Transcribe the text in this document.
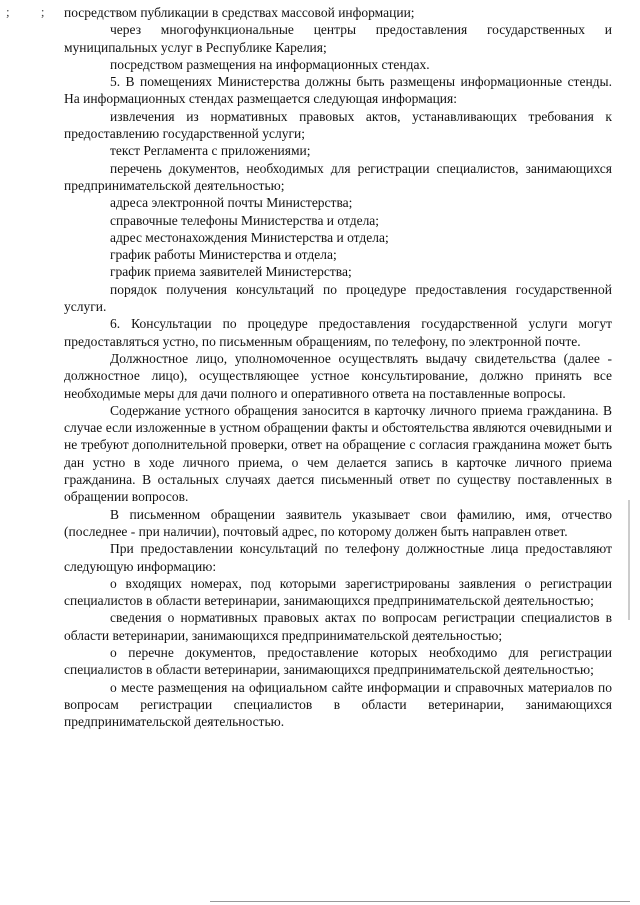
; ; посредством публикации в средствах массовой информации;

через многофункциональные центры предоставления государственных и муниципальных услуг в Республике Карелия;

посредством размещения на информационных стендах.

5. В помещениях Министерства должны быть размещены информационные стенды. На информационных стендах размещается следующая информация:

извлечения из нормативных правовых актов, устанавливающих требования к предоставлению государственной услуги;

текст Регламента с приложениями;

перечень документов, необходимых для регистрации специалистов, занимающихся предпринимательской деятельностью;

адреса электронной почты Министерства;

справочные телефоны Министерства и отдела;

адрес местонахождения Министерства и отдела;

график работы Министерства и отдела;

график приема заявителей Министерства;

порядок получения консультаций по процедуре предоставления государственной услуги.

6. Консультации по процедуре предоставления государственной услуги могут предоставляться устно, по письменным обращениям, по телефону, по электронной почте.

Должностное лицо, уполномоченное осуществлять выдачу свидетельства (далее - должностное лицо), осуществляющее устное консультирование, должно принять все необходимые меры для дачи полного и оперативного ответа на поставленные вопросы.

Содержание устного обращения заносится в карточку личного приема гражданина. В случае если изложенные в устном обращении факты и обстоятельства являются очевидными и не требуют дополнительной проверки, ответ на обращение с согласия гражданина может быть дан устно в ходе личного приема, о чем делается запись в карточке личного приема гражданина. В остальных случаях дается письменный ответ по существу поставленных в обращении вопросов.

В письменном обращении заявитель указывает свои фамилию, имя, отчество (последнее - при наличии), почтовый адрес, по которому должен быть направлен ответ.

При предоставлении консультаций по телефону должностные лица предоставляют следующую информацию:

о входящих номерах, под которыми зарегистрированы заявления о регистрации специалистов в области ветеринарии, занимающихся предпринимательской деятельностью;

сведения о нормативных правовых актах по вопросам регистрации специалистов в области ветеринарии, занимающихся предпринимательской деятельностью;

о перечне документов, предоставление которых необходимо для регистрации специалистов в области ветеринарии, занимающихся предпринимательской деятельностью;

о месте размещения на официальном сайте информации и справочных материалов по вопросам регистрации специалистов в области ветеринарии, занимающихся предпринимательской деятельностью.
